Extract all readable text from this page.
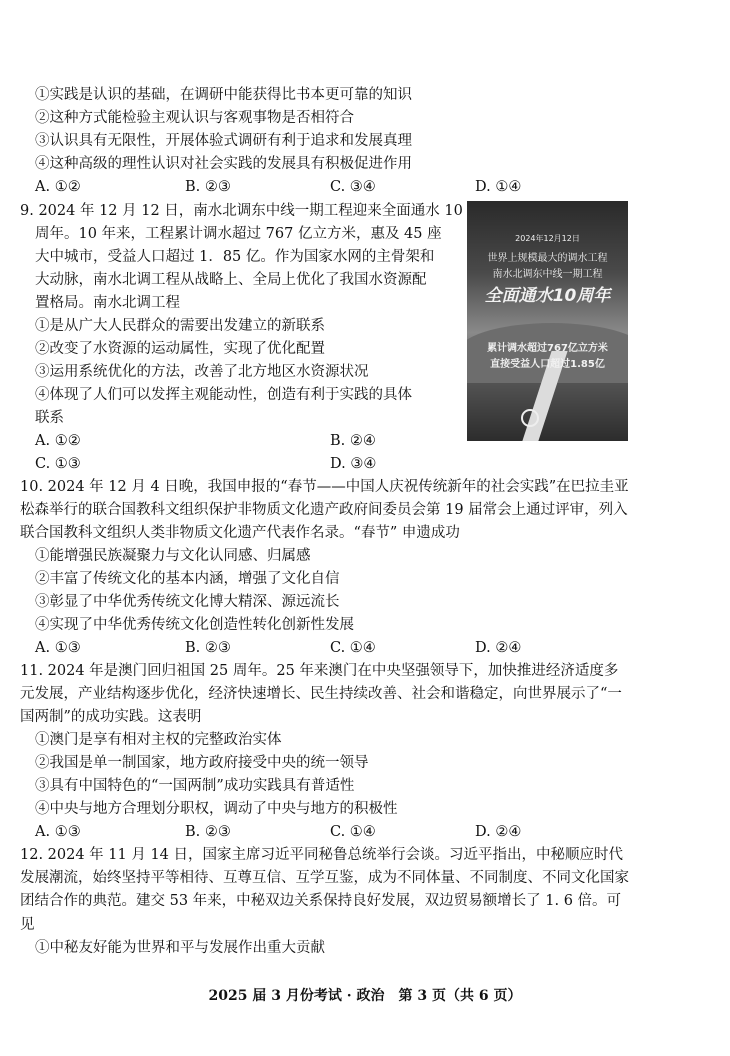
①实践是认识的基础，在调研中能获得比书本更可靠的知识
②这种方式能检验主观认识与客观事物是否相符合
③认识具有无限性，开展体验式调研有利于追求和发展真理
④这种高级的理性认识对社会实践的发展具有积极促进作用
A. ①②	B. ②③	C. ③④	D. ①④
9. 2024 年 12 月 12 日，南水北调东中线一期工程迎来全面通水 10
周年。10 年来，工程累计调水超过 767 亿立方米，惠及 45 座
大中城市，受益人口超过 1．85 亿。作为国家水网的主骨架和
大动脉，南水北调工程从战略上、全局上优化了我国水资源配
置格局。南水北调工程
①是从广大人民群众的需要出发建立的新联系
②改变了水资源的运动属性，实现了优化配置
③运用系统优化的方法，改善了北方地区水资源状况
④体现了人们可以发挥主观能动性，创造有利于实践的具体
联系
A. ①②	B. ②④
C. ①③	D. ③④
2024年12月12日
世界上规模最大的调水工程
南水北调东中线一期工程
全面通水10周年
累计调水超过767亿立方米
直接受益人口超过1.85亿
10. 2024 年 12 月 4 日晚，我国申报的“春节——中国人庆祝传统新年的社会实践”在巴拉圭亚松森举行的联合国教科文组织保护非物质文化遗产政府间委员会第 19 届常会上通过评审，列入联合国教科文组织人类非物质文化遗产代表作名录。“春节” 申遗成功
①能增强民族凝聚力与文化认同感、归属感
②丰富了传统文化的基本内涵，增强了文化自信
③彰显了中华优秀传统文化博大精深、源远流长
④实现了中华优秀传统文化创造性转化创新性发展
A. ①③	B. ②③	C. ①④	D. ②④
11. 2024 年是澳门回归祖国 25 周年。25 年来澳门在中央坚强领导下，加快推进经济适度多元发展，产业结构逐步优化，经济快速增长、民生持续改善、社会和谐稳定，向世界展示了“一国两制”的成功实践。这表明
①澳门是享有相对主权的完整政治实体
②我国是单一制国家，地方政府接受中央的统一领导
③具有中国特色的“一国两制”成功实践具有普适性
④中央与地方合理划分职权，调动了中央与地方的积极性
A. ①③	B. ②③	C. ①④	D. ②④
12. 2024 年 11 月 14 日，国家主席习近平同秘鲁总统举行会谈。习近平指出，中秘顺应时代发展潮流，始终坚持平等相待、互尊互信、互学互鉴，成为不同体量、不同制度、不同文化国家团结合作的典范。建交 53 年来，中秘双边关系保持良好发展，双边贸易额增长了 1. 6 倍。可见
①中秘友好能为世界和平与发展作出重大贡献
2025 届 3 月份考试 · 政治　第 3 页（共 6 页）
